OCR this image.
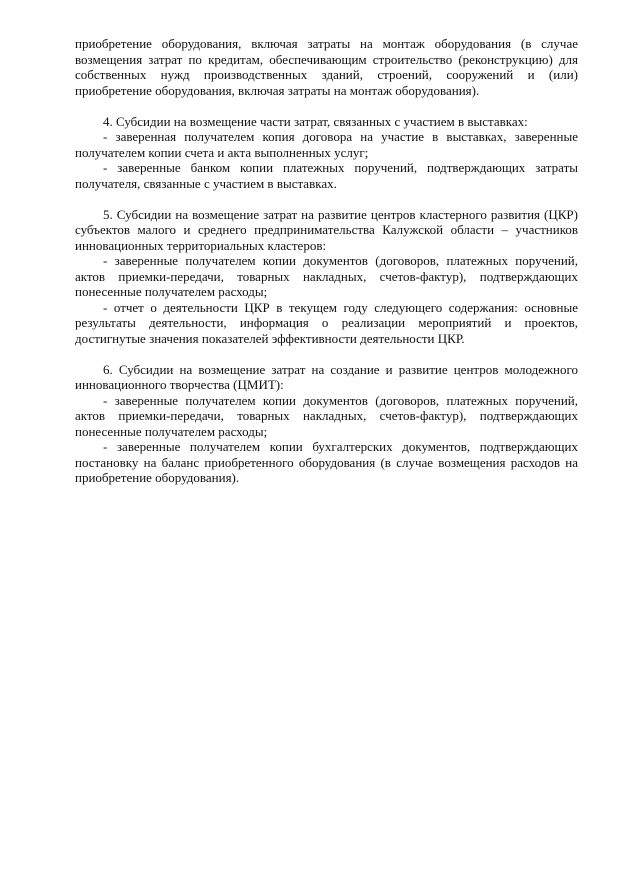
приобретение оборудования, включая затраты на монтаж оборудования (в случае возмещения затрат по кредитам, обеспечивающим строительство (реконструкцию) для собственных нужд производственных зданий, строений, сооружений и (или) приобретение оборудования, включая затраты на монтаж оборудования).

4. Субсидии на возмещение части затрат, связанных с участием в выставках:

- заверенная получателем копия договора на участие в выставках, заверенные получателем копии счета и акта выполненных услуг;

- заверенные банком копии платежных поручений, подтверждающих затраты получателя, связанные с участием в выставках.

5. Субсидии на возмещение затрат на развитие центров кластерного развития (ЦКР) субъектов малого и среднего предпринимательства Калужской области – участников инновационных территориальных кластеров:

- заверенные получателем копии документов (договоров, платежных поручений, актов приемки-передачи, товарных накладных, счетов-фактур), подтверждающих понесенные получателем расходы;

- отчет о деятельности ЦКР в текущем году следующего содержания: основные результаты деятельности, информация о реализации мероприятий и проектов, достигнутые значения показателей эффективности деятельности ЦКР.

6. Субсидии на возмещение затрат на создание и развитие центров молодежного инновационного творчества (ЦМИТ):

- заверенные получателем копии документов (договоров, платежных поручений, актов приемки-передачи, товарных накладных, счетов-фактур), подтверждающих понесенные получателем расходы;

- заверенные получателем копии бухгалтерских документов, подтверждающих постановку на баланс приобретенного оборудования (в случае возмещения расходов на приобретение оборудования).
